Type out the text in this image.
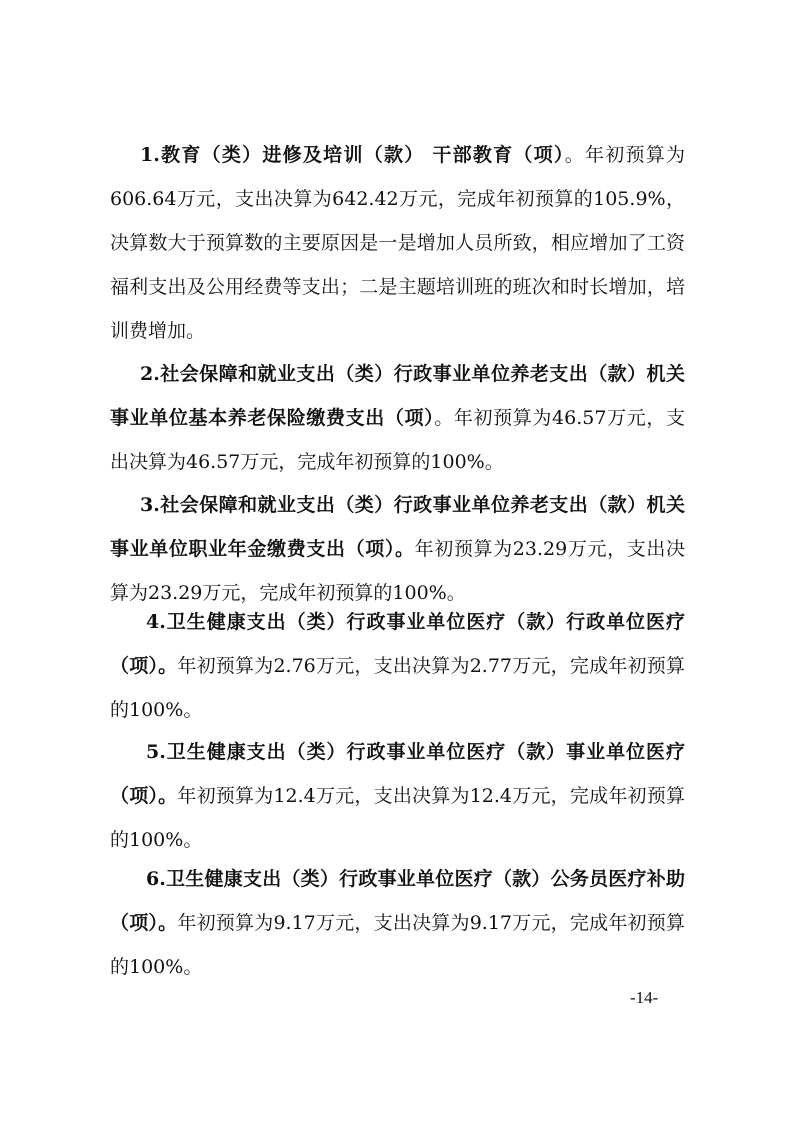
1.教育（类）进修及培训（款） 干部教育（项）。年初预算为606.64万元，支出决算为642.42万元，完成年初预算的105.9%，决算数大于预算数的主要原因是一是增加人员所致，相应增加了工资福利支出及公用经费等支出；二是主题培训班的班次和时长增加，培训费增加。

2.社会保障和就业支出（类）行政事业单位养老支出（款）机关事业单位基本养老保险缴费支出（项）。年初预算为46.57万元，支出决算为46.57万元，完成年初预算的100%。

3.社会保障和就业支出（类）行政事业单位养老支出（款）机关事业单位职业年金缴费支出（项）。年初预算为23.29万元，支出决算为23.29万元，完成年初预算的100%。

4.卫生健康支出（类）行政事业单位医疗（款）行政单位医疗（项）。年初预算为2.76万元，支出决算为2.77万元，完成年初预算的100%。

5.卫生健康支出（类）行政事业单位医疗（款）事业单位医疗（项）。年初预算为12.4万元，支出决算为12.4万元，完成年初预算的100%。

6.卫生健康支出（类）行政事业单位医疗（款）公务员医疗补助（项）。年初预算为9.17万元，支出决算为9.17万元，完成年初预算的100%。

-14-
